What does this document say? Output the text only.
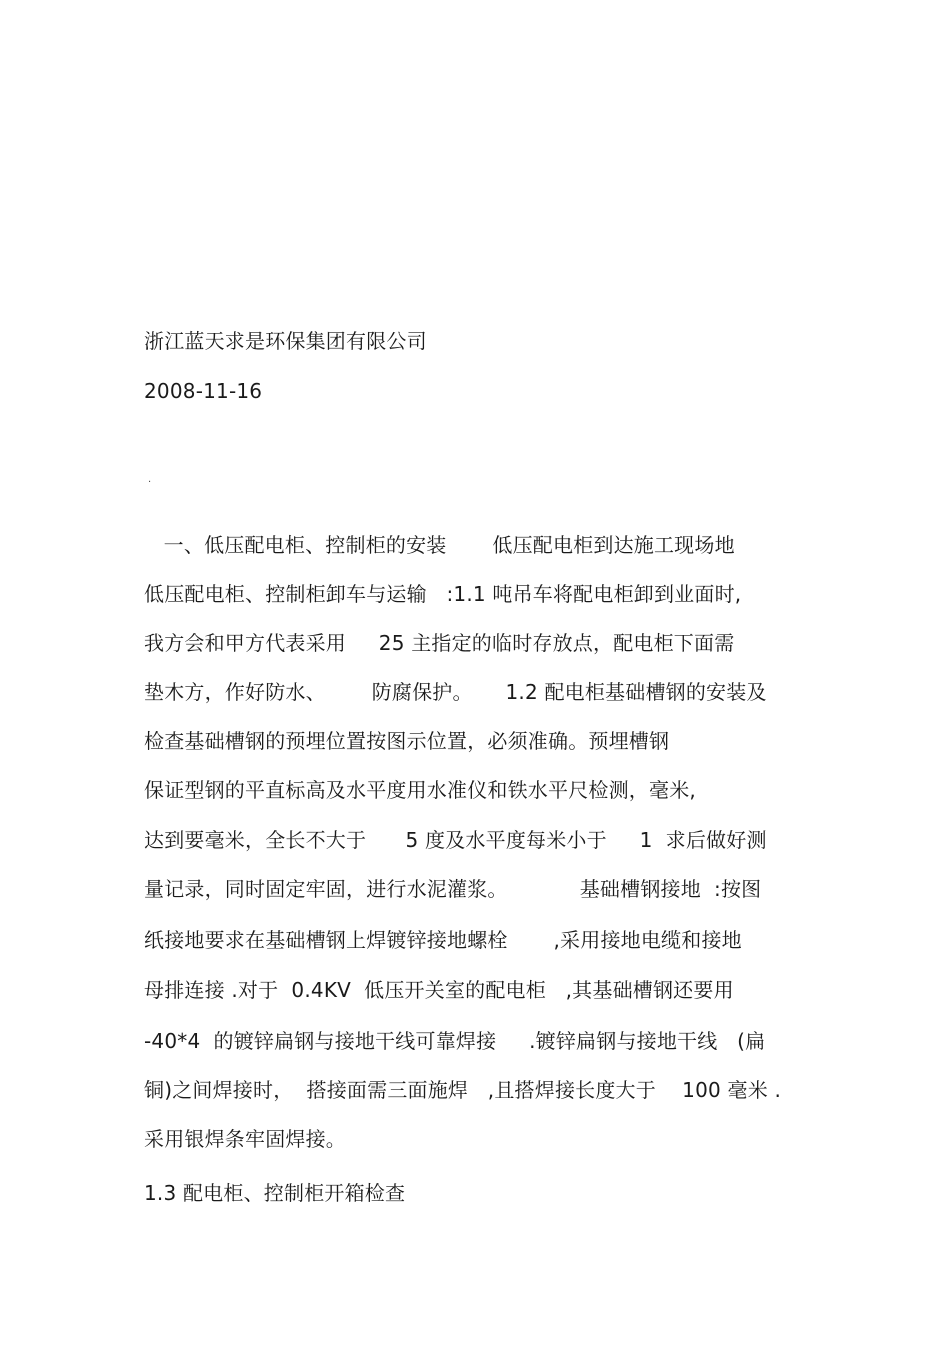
浙江蓝天求是环保集团有限公司
2008-11-16
·
一、低压配电柜、控制柜的安装       低压配电柜到达施工现场地
低压配电柜、控制柜卸车与运输   :1.1 吨吊车将配电柜卸到业面时,
我方会和甲方代表采用     25 主指定的临时存放点，配电柜下面需
垫木方，作好防水、       防腐保护。     1.2 配电柜基础槽钢的安装及
检查基础槽钢的预埋位置按图示位置，必须准确。预埋槽钢
保证型钢的平直标高及水平度用水准仪和铁水平尺检测，毫米,
达到要毫米，全长不大于      5 度及水平度每米小于     1  求后做好测
量记录，同时固定牢固，进行水泥灌浆。           基础槽钢接地  :按图
纸接地要求在基础槽钢上焊镀锌接地螺栓       ,采用接地电缆和接地
母排连接 .对于  0.4KV  低压开关室的配电柜   ,其基础槽钢还要用
-40*4  的镀锌扁钢与接地干线可靠焊接     .镀锌扁钢与接地干线   (扁
铜)之间焊接时，  搭接面需三面施焊   ,且搭焊接长度大于    100 毫米 .
采用银焊条牢固焊接。
1.3 配电柜、控制柜开箱检查
